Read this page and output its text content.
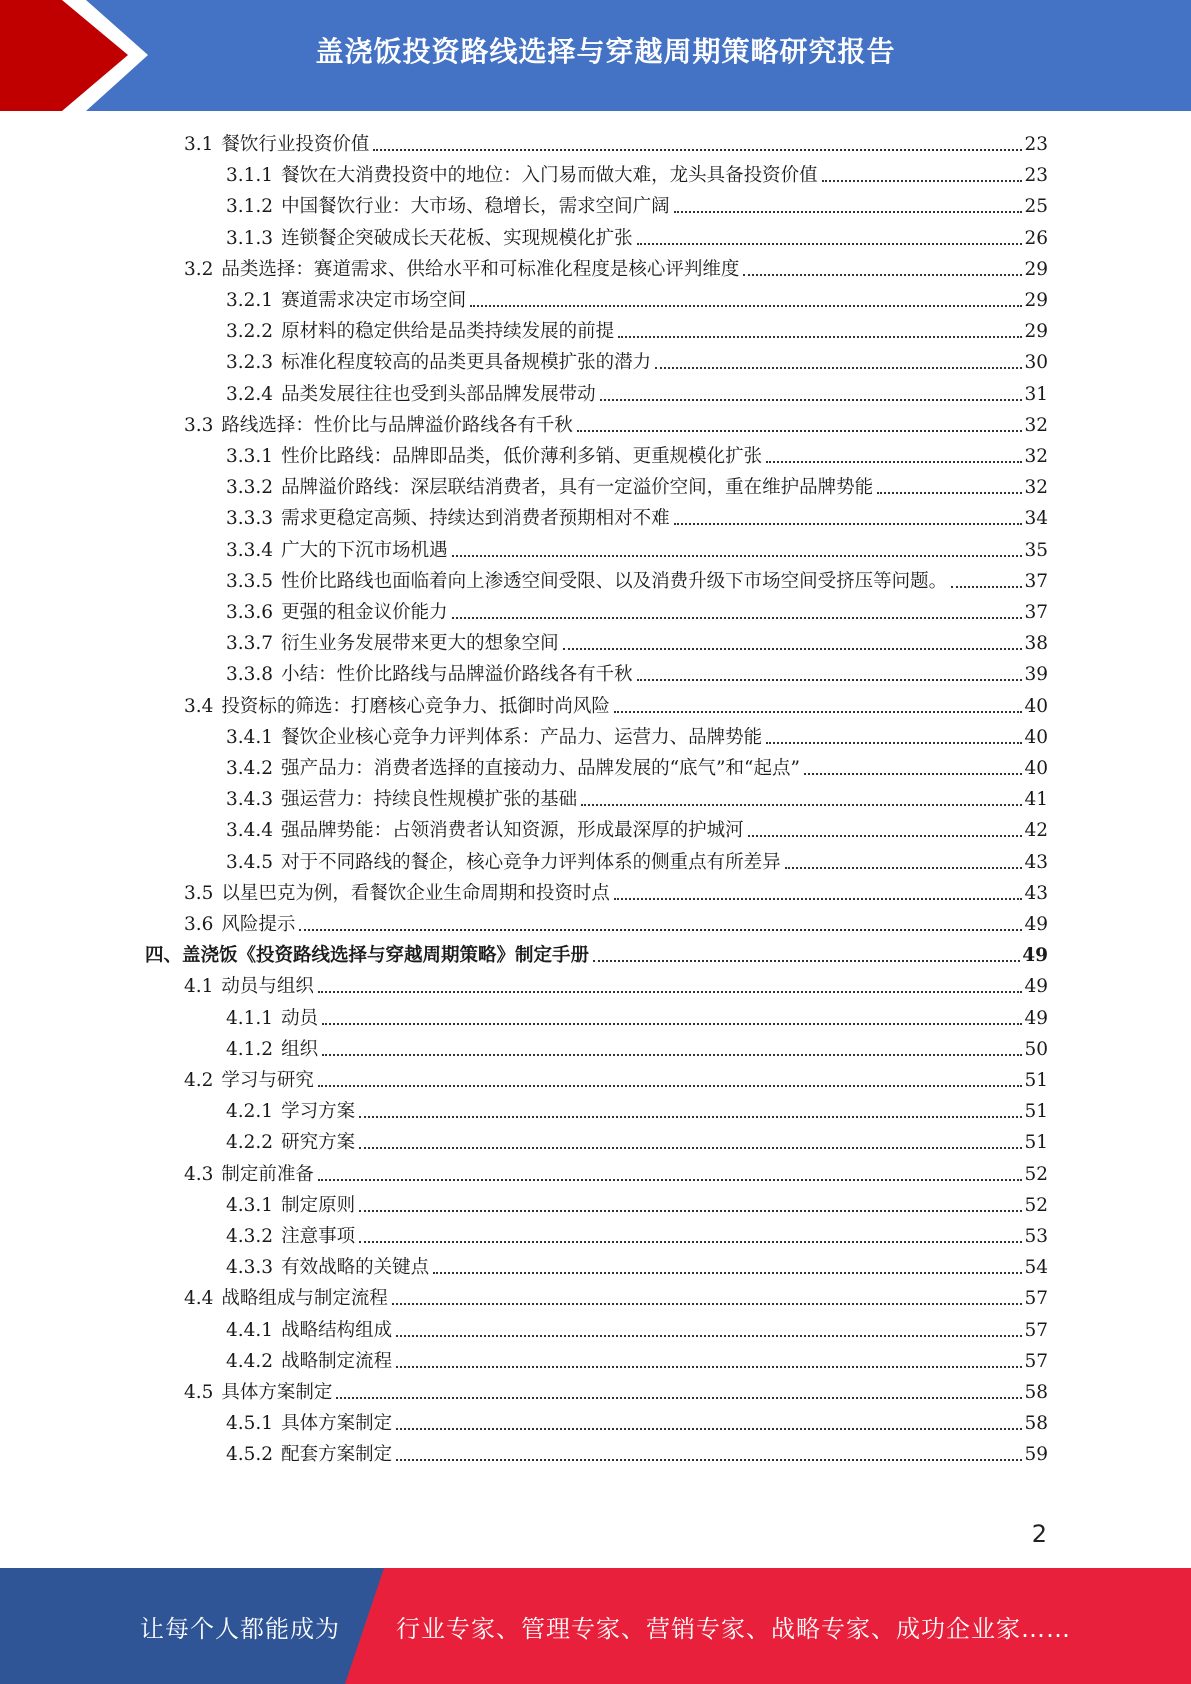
盖浇饭投资路线选择与穿越周期策略研究报告
3.1 餐饮行业投资价值	23
3.1.1 餐饮在大消费投资中的地位：入门易而做大难，龙头具备投资价值	23
3.1.2 中国餐饮行业：大市场、稳增长，需求空间广阔	25
3.1.3 连锁餐企突破成长天花板、实现规模化扩张	26
3.2 品类选择：赛道需求、供给水平和可标准化程度是核心评判维度	29
3.2.1 赛道需求决定市场空间	29
3.2.2 原材料的稳定供给是品类持续发展的前提	29
3.2.3 标准化程度较高的品类更具备规模扩张的潜力	30
3.2.4 品类发展往往也受到头部品牌发展带动	31
3.3 路线选择：性价比与品牌溢价路线各有千秋	32
3.3.1 性价比路线：品牌即品类，低价薄利多销、更重规模化扩张	32
3.3.2 品牌溢价路线：深层联结消费者，具有一定溢价空间，重在维护品牌势能	32
3.3.3 需求更稳定高频、持续达到消费者预期相对不难	34
3.3.4 广大的下沉市场机遇	35
3.3.5 性价比路线也面临着向上渗透空间受限、以及消费升级下市场空间受挤压等问题。	37
3.3.6 更强的租金议价能力	37
3.3.7 衍生业务发展带来更大的想象空间	38
3.3.8 小结：性价比路线与品牌溢价路线各有千秋	39
3.4 投资标的筛选：打磨核心竞争力、抵御时尚风险	40
3.4.1 餐饮企业核心竞争力评判体系：产品力、运营力、品牌势能	40
3.4.2 强产品力：消费者选择的直接动力、品牌发展的“底气”和“起点”	40
3.4.3 强运营力：持续良性规模扩张的基础	41
3.4.4 强品牌势能：占领消费者认知资源，形成最深厚的护城河	42
3.4.5 对于不同路线的餐企，核心竞争力评判体系的侧重点有所差异	43
3.5 以星巴克为例，看餐饮企业生命周期和投资时点	43
3.6 风险提示	49
四、盖浇饭《投资路线选择与穿越周期策略》制定手册	49
4.1 动员与组织	49
4.1.1 动员	49
4.1.2 组织	50
4.2 学习与研究	51
4.2.1 学习方案	51
4.2.2 研究方案	51
4.3 制定前准备	52
4.3.1 制定原则	52
4.3.2 注意事项	53
4.3.3 有效战略的关键点	54
4.4 战略组成与制定流程	57
4.4.1 战略结构组成	57
4.4.2 战略制定流程	57
4.5 具体方案制定	58
4.5.1 具体方案制定	58
4.5.2 配套方案制定	59
2
让每个人都能成为 行业专家、管理专家、营销专家、战略专家、成功企业家……
